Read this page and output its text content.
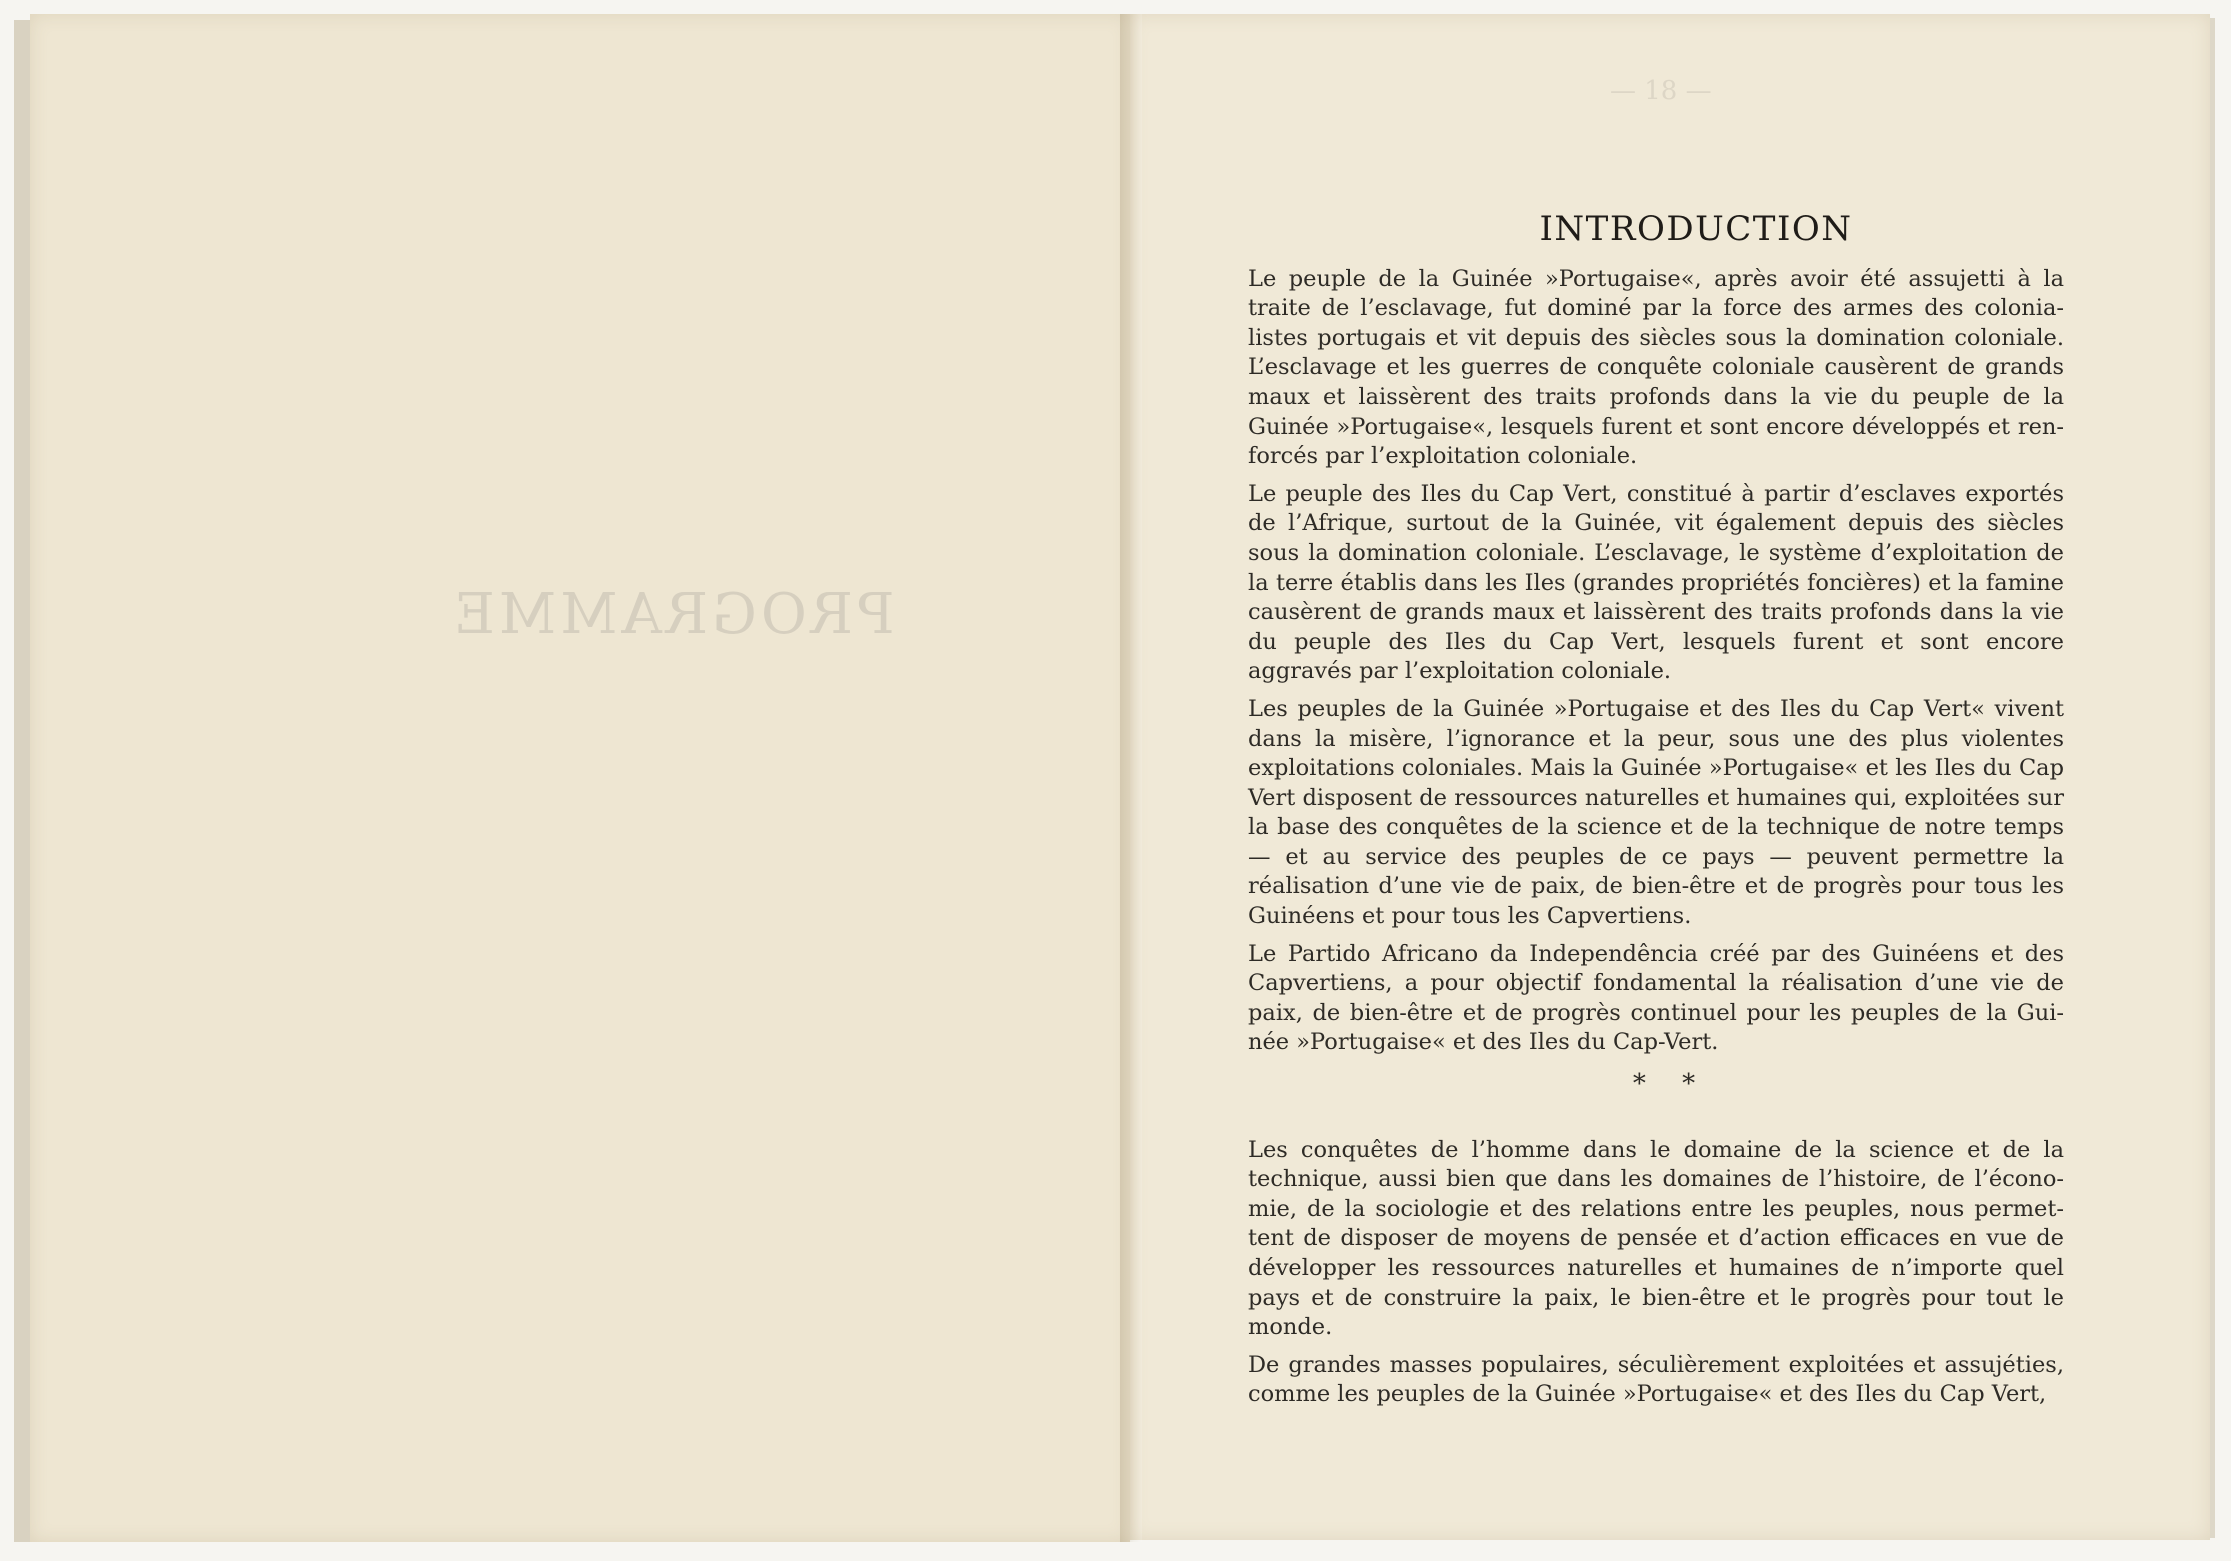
PROGRAMME
— 18 —
INTRODUCTION

Le peuple de la Guinée »Portugaise«, après avoir été assujetti à la traite de l’esclavage, fut dominé par la force des armes des colonialistes portugais et vit depuis des siècles sous la domination coloniale. L’esclavage et les guerres de conquête coloniale causèrent de grands maux et laissèrent des traits profonds dans la vie du peuple de la Guinée »Portugaise«, lesquels furent et sont encore développés et renforcés par l’exploitation coloniale.

Le peuple des Iles du Cap Vert, constitué à partir d’esclaves exportés de l’Afrique, surtout de la Guinée, vit également depuis des siècles sous la domination coloniale. L’esclavage, le système d’exploitation de la terre établis dans les Iles (grandes propriétés foncières) et la famine causèrent de grands maux et laissèrent des traits profonds dans la vie du peuple des Iles du Cap Vert, lesquels furent et sont encore aggravés par l’exploitation coloniale.

Les peuples de la Guinée »Portugaise et des Iles du Cap Vert« vivent dans la misère, l’ignorance et la peur, sous une des plus violentes exploitations coloniales. Mais la Guinée »Portugaise« et les Iles du Cap Vert disposent de ressources naturelles et humaines qui, exploitées sur la base des conquêtes de la science et de la technique de notre temps — et au service des peuples de ce pays — peuvent permettre la réalisation d’une vie de paix, de bien-être et de progrès pour tous les Guinéens et pour tous les Capvertiens.

Le Partido Africano da Independência créé par des Guinéens et des Capvertiens, a pour objectif fondamental la réalisation d’une vie de paix, de bien-être et de progrès continuel pour les peuples de la Guinée »Portugaise« et des Iles du Cap-Vert.

* *

Les conquêtes de l’homme dans le domaine de la science et de la technique, aussi bien que dans les domaines de l’histoire, de l’économie, de la sociologie et des relations entre les peuples, nous permettent de disposer de moyens de pensée et d’action efficaces en vue de développer les ressources naturelles et humaines de n’importe quel pays et de construire la paix, le bien-être et le progrès pour tout le monde.

De grandes masses populaires, séculièrement exploitées et assujéties, comme les peuples de la Guinée »Portugaise« et des Iles du Cap Vert,
